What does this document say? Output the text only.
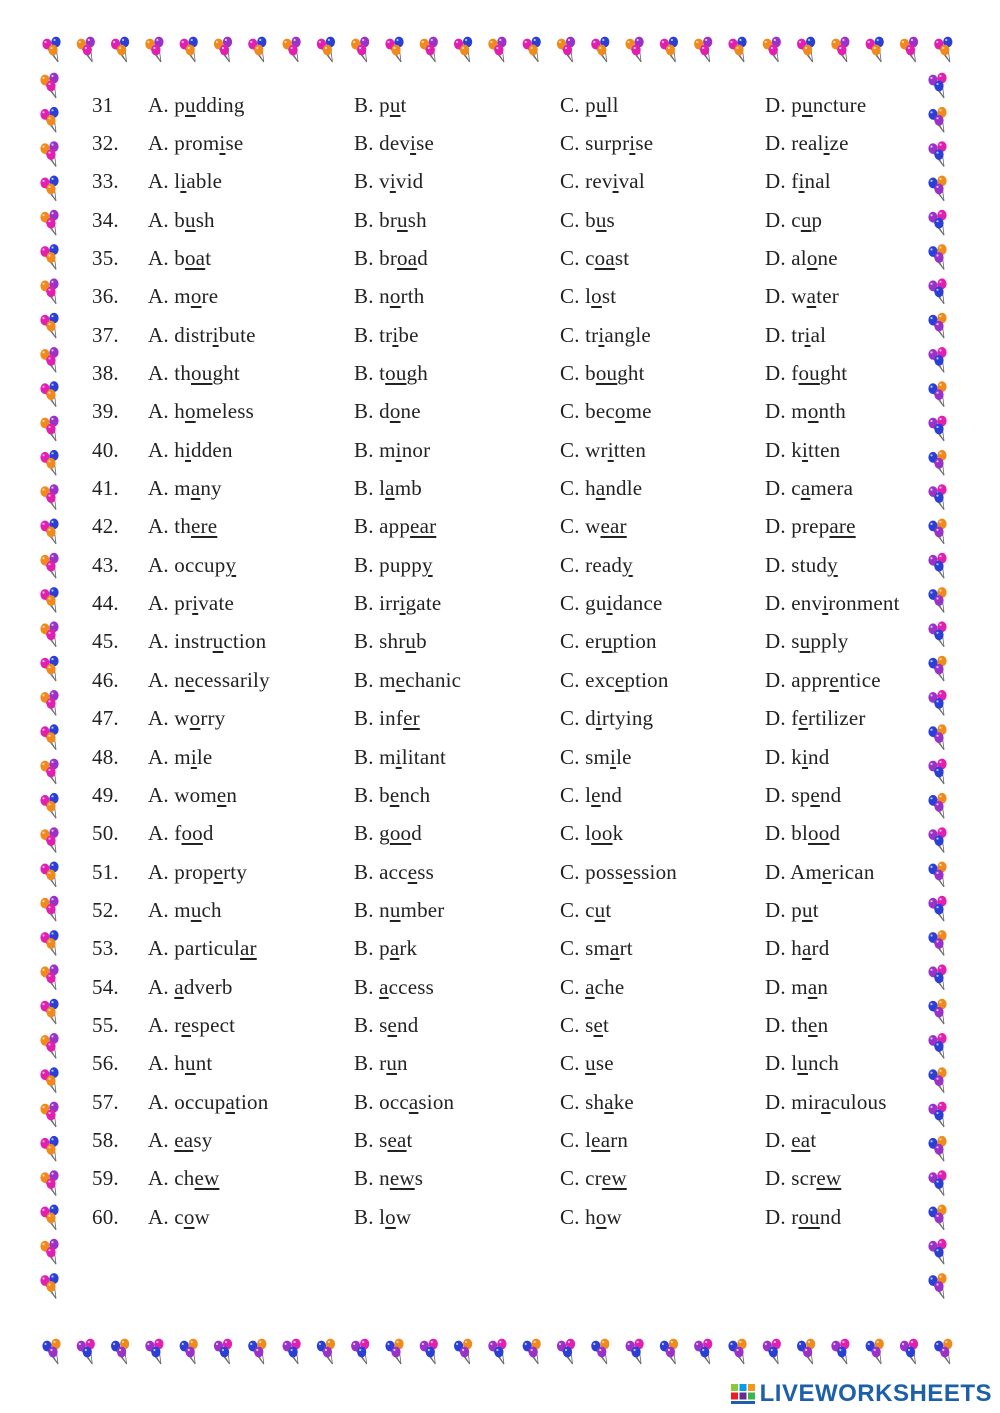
31	A. pudding	B. put	C. pull	D. puncture
32.	A. promise	B. devise	C. surprise	D. realize
33.	A. liable	B. vivid	C. revival	D. final
34.	A. bush	B. brush	C. bus	D. cup
35.	A. boat	B. broad	C. coast	D. alone
36.	A. more	B. north	C. lost	D. water
37.	A. distribute	B. tribe	C. triangle	D. trial
38.	A. thought	B. tough	C. bought	D. fought
39.	A. homeless	B. done	C. become	D. month
40.	A. hidden	B. minor	C. written	D. kitten
41.	A. many	B. lamb	C. handle	D. camera
42.	A. there	B. appear	C. wear	D. prepare
43.	A. occupy	B. puppy	C. ready	D. study
44.	A. private	B. irrigate	C. guidance	D. environment
45.	A. instruction	B. shrub	C. eruption	D. supply
46.	A. necessarily	B. mechanic	C. exception	D. apprentice
47.	A. worry	B. infer	C. dirtying	D. fertilizer
48.	A. mile	B. militant	C. smile	D. kind
49.	A. women	B. bench	C. lend	D. spend
50.	A. food	B. good	C. look	D. blood
51.	A. property	B. access	C. possession	D. American
52.	A. much	B. number	C. cut	D. put
53.	A. particular	B. park	C. smart	D. hard
54.	A. adverb	B. access	C. ache	D. man
55.	A. respect	B. send	C. set	D. then
56.	A. hunt	B. run	C. use	D. lunch
57.	A. occupation	B. occasion	C. shake	D. miraculous
58.	A. easy	B. seat	C. learn	D. eat
59.	A. chew	B. news	C. crew	D. screw
60.	A. cow	B. low	C. how	D. round
LIVEWORKSHEETS
